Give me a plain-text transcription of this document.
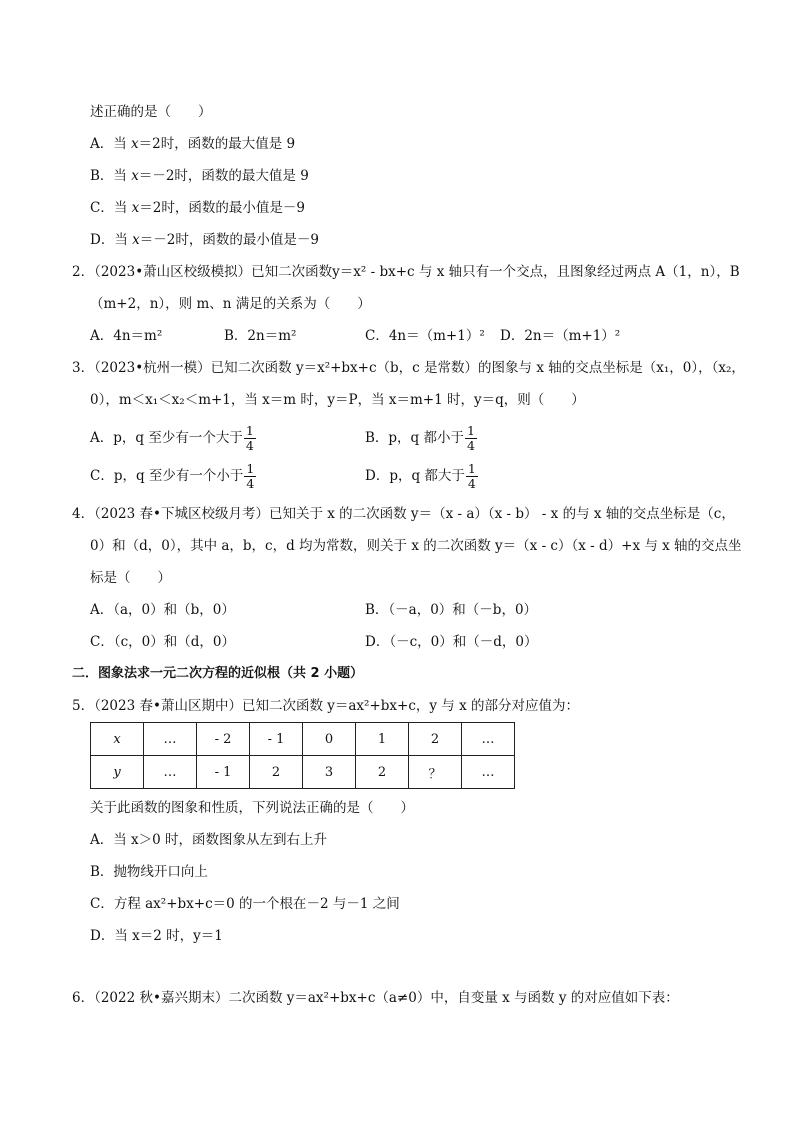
述正确的是（　　）
A．当 x＝2时，函数的最大值是 9
B．当 x＝－2时，函数的最大值是 9
C．当 x＝2时，函数的最小值是－9
D．当 x＝－2时，函数的最小值是－9
2．（2023•萧山区校级模拟）已知二次函数y＝x² - bx+c 与 x 轴只有一个交点，且图象经过两点 A（1，n），B
（m+2，n），则 m、n 满足的关系为（　　）
A．4n＝m²	B．2n＝m²	C．4n＝（m+1）² D．2n＝（m+1）²
3．（2023•杭州一模）已知二次函数 y＝x²+bx+c（b，c 是常数）的图象与 x 轴的交点坐标是（x₁，0），（x₂，
0），m＜x₁＜x₂＜m+1，当 x＝m 时，y＝P，当 x＝m+1 时，y＝q，则（　　）
A．p，q 至少有一个大于 $\frac{1}{4}$	B．p，q 都小于 $\frac{1}{4}$
C．p，q 至少有一个小于 $\frac{1}{4}$	D．p，q 都大于 $\frac{1}{4}$
4．（2023 春•下城区校级月考）已知关于 x 的二次函数 y＝（x - a）（x - b） - x 的与 x 轴的交点坐标是（c，
0）和（d，0），其中 a，b，c，d 均为常数，则关于 x 的二次函数 y＝（x - c）（x - d）+x 与 x 轴的交点坐
标是（　　）
A．（a，0）和（b，0）	B．（－a，0）和（－b，0）
C．（c，0）和（d，0）	D．（－c，0）和（－d，0）
二．图象法求一元二次方程的近似根（共 2 小题）
5．（2023 春•萧山区期中）已知二次函数 y＝ax²+bx+c，y 与 x 的部分对应值为：
x	…	- 2	- 1	0	1	2	…
y	…	- 1	2	3	2	？	…
关于此函数的图象和性质，下列说法正确的是（　　）
A．当 x＞0 时，函数图象从左到右上升
B．抛物线开口向上
C．方程 ax²+bx+c＝0 的一个根在－2 与－1 之间
D．当 x＝2 时，y＝1
6．（2022 秋•嘉兴期末）二次函数 y＝ax²+bx+c（a≠0）中，自变量 x 与函数 y 的对应值如下表：
